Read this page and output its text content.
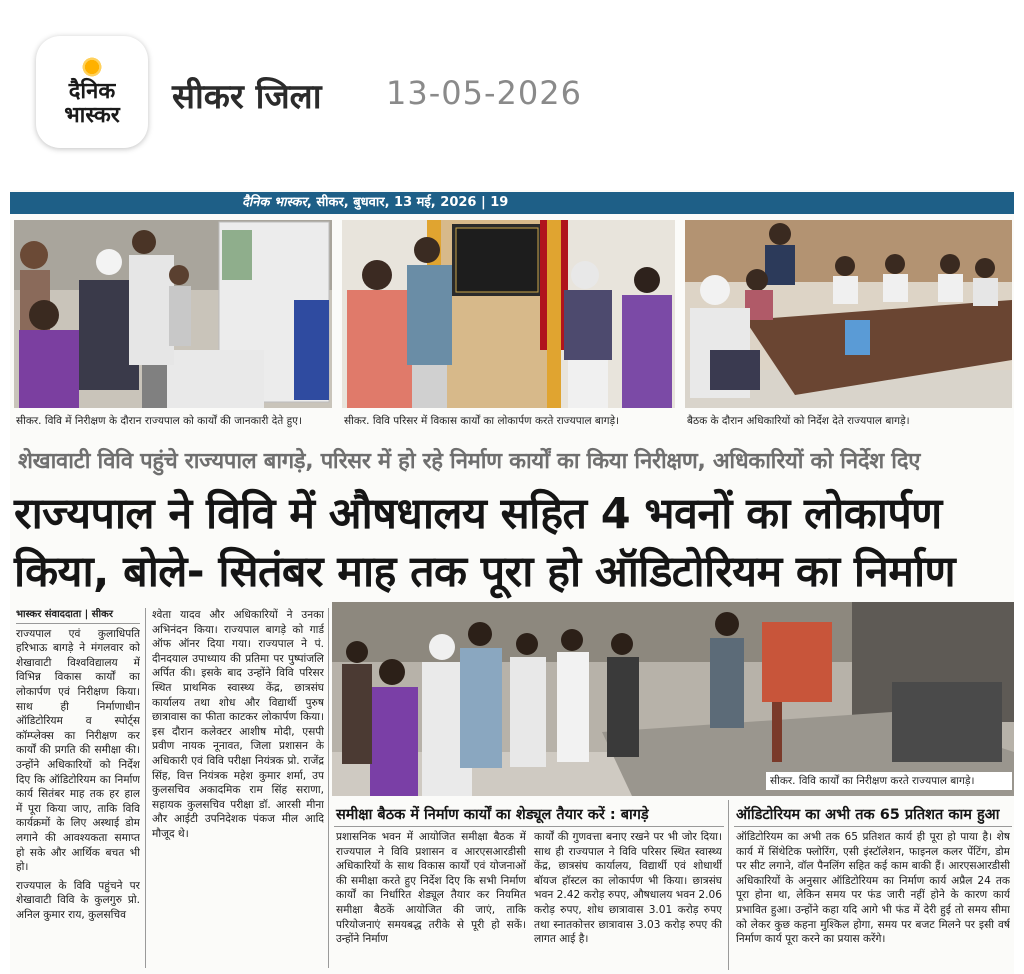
दैनिक
भास्कर सीकर जिला 13-05-2026
दैनिक भास्कर, सीकर, बुधवार, 13 मई, 2026 | 19
सीकर. विवि में निरीक्षण के दौरान राज्यपाल को कार्यों की जानकारी देते हुए।	सीकर. विवि परिसर में विकास कार्यों का लोकार्पण करते राज्यपाल बागड़े।	बैठक के दौरान अधिकारियों को निर्देश देते राज्यपाल बागड़े।
शेखावाटी विवि पहुंचे राज्यपाल बागड़े, परिसर में हो रहे निर्माण कार्यों का किया निरीक्षण, अधिकारियों को निर्देश दिए
राज्यपाल ने विवि में औषधालय सहित 4 भवनों का लोकार्पण
किया, बोले- सितंबर माह तक पूरा हो ऑडिटोरियम का निर्माण
भास्कर संवाददाता | सीकर

राज्यपाल एवं कुलाधिपति हरिभाऊ बागड़े ने मंगलवार को शेखावाटी विश्वविद्यालय में विभिन्न विकास कार्यों का लोकार्पण एवं निरीक्षण किया। साथ ही निर्माणाधीन ऑडिटोरियम व स्पोर्ट्स कॉम्प्लेक्स का निरीक्षण कर कार्यों की प्रगति की समीक्षा की। उन्होंने अधिकारियों को निर्देश दिए कि ऑडिटोरियम का निर्माण कार्य सितंबर माह तक हर हाल में पूरा किया जाए, ताकि विवि कार्यक्रमों के लिए अस्थाई डोम लगाने की आवश्यकता समाप्त हो सके और आर्थिक बचत भी हो।

राज्यपाल के विवि पहुंचने पर शेखावाटी विवि के कुलगुरु प्रो. अनिल कुमार राय, कुलसचिव

श्वेता यादव और अधिकारियों ने उनका अभिनंदन किया। राज्यपाल बागड़े को गार्ड ऑफ ऑनर दिया गया। राज्यपाल ने पं. दीनदयाल उपाध्याय की प्रतिमा पर पुष्पांजलि अर्पित की। इसके बाद उन्होंने विवि परिसर स्थित प्राथमिक स्वास्थ्य केंद्र, छात्रसंघ कार्यालय तथा शोध और विद्यार्थी पुरुष छात्रावास का फीता काटकर लोकार्पण किया। इस दौरान कलेक्टर आशीष मोदी, एसपी प्रवीण नायक नूनावत, जिला प्रशासन के अधिकारी एवं विवि परीक्षा नियंत्रक प्रो. राजेंद्र सिंह, वित्त नियंत्रक महेश कुमार शर्मा, उप कुलसचिव अकादमिक राम सिंह सराणा, सहायक कुलसचिव परीक्षा डॉ. आरसी मीना और आईटी उपनिदेशक पंकज मील आदि मौजूद थे।

सीकर. विवि कार्यों का निरीक्षण करते राज्यपाल बागड़े।
समीक्षा बैठक में निर्माण कार्यों का शेड्यूल तैयार करें : बागड़े

प्रशासनिक भवन में आयोजित समीक्षा बैठक में राज्यपाल ने विवि प्रशासन व आरएसआरडीसी अधिकारियों के साथ विकास कार्यों एवं योजनाओं की समीक्षा करते हुए निर्देश दिए कि सभी निर्माण कार्यों का निर्धारित शेड्यूल तैयार कर नियमित समीक्षा बैठकें आयोजित की जाएं, ताकि परियोजनाएं समयबद्ध तरीके से पूरी हो सकें। उन्होंने निर्माण

कार्यों की गुणवत्ता बनाए रखने पर भी जोर दिया। साथ ही राज्यपाल ने विवि परिसर स्थित स्वास्थ्य केंद्र, छात्रसंघ कार्यालय, विद्यार्थी एवं शोधार्थी बॉयज हॉस्टल का लोकार्पण भी किया। छात्रसंघ भवन 2.42 करोड़ रुपए, औषधालय भवन 2.06 करोड़ रुपए, शोध छात्रावास 3.01 करोड़ रुपए तथा स्नातकोत्तर छात्रावास 3.03 करोड़ रुपए की लागत आई है।

ऑडिटोरियम का अभी तक 65 प्रतिशत काम हुआ

ऑडिटोरियम का अभी तक 65 प्रतिशत कार्य ही पूरा हो पाया है। शेष कार्य में सिंथेटिक फ्लोरिंग, एसी इंस्टॉलेशन, फाइनल कलर पेंटिंग, डोम पर सीट लगाने, वॉल पैनलिंग सहित कई काम बाकी हैं। आरएसआरडीसी अधिकारियों के अनुसार ऑडिटोरियम का निर्माण कार्य अप्रैल 24 तक पूरा होना था, लेकिन समय पर फंड जारी नहीं होने के कारण कार्य प्रभावित हुआ। उन्होंने कहा यदि आगे भी फंड में देरी हुई तो समय सीमा को लेकर कुछ कहना मुश्किल होगा, समय पर बजट मिलने पर इसी वर्ष निर्माण कार्य पूरा करने का प्रयास करेंगे।
